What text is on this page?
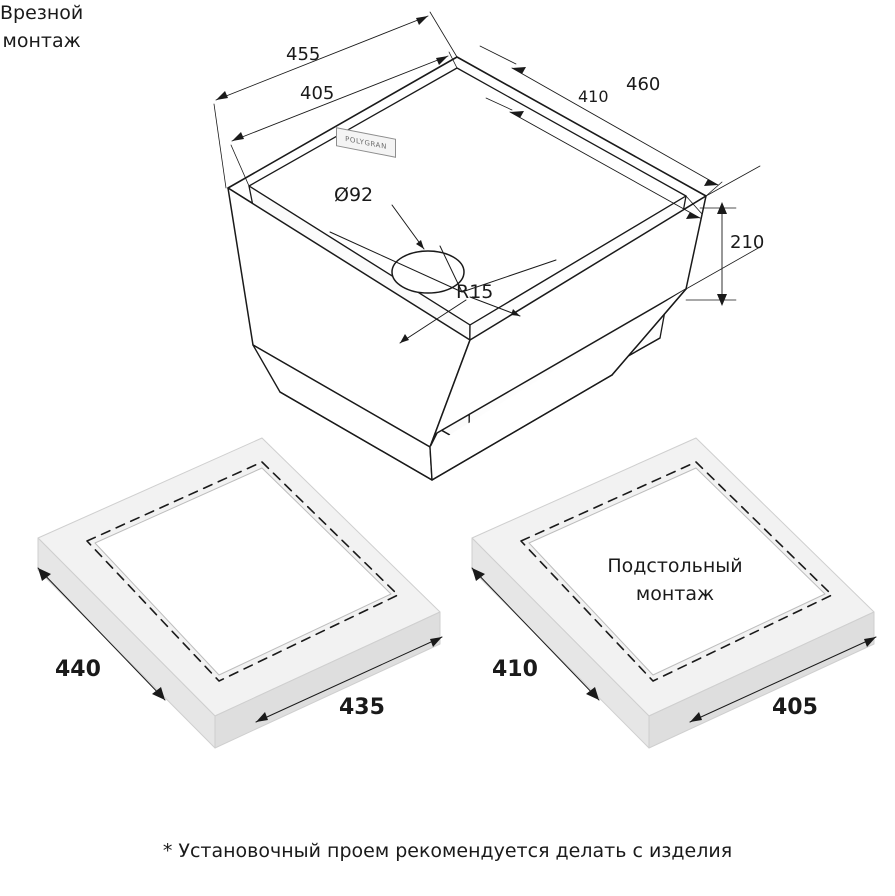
POLYGRAN
455
405	460
410
210
Ø92
R15
Врезной
монтаж
440
435
Подстольный
монтаж
410
405
* Установочный проем рекомендуется делать с изделия
